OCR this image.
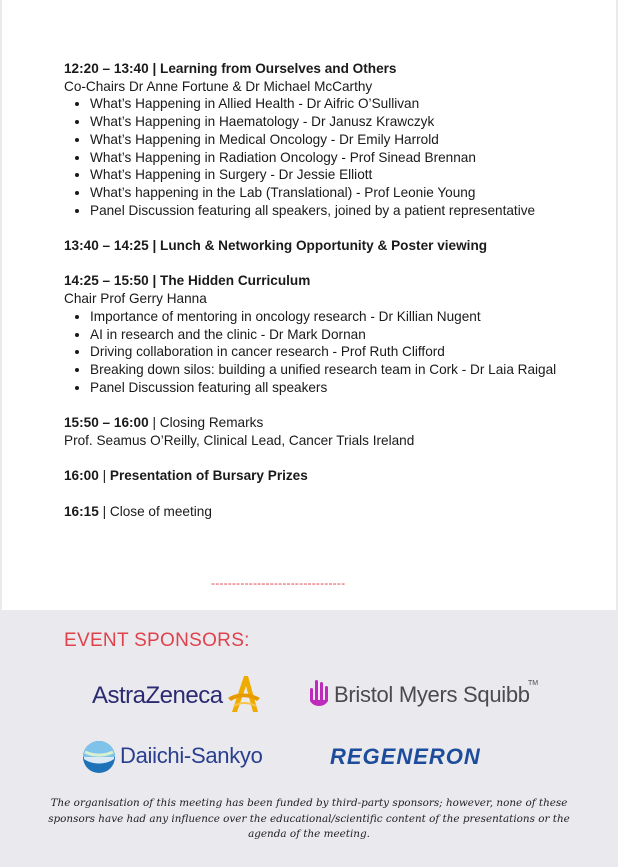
12:20 – 13:40 | Learning from Ourselves and Others
Co-Chairs Dr Anne Fortune & Dr Michael McCarthy
• What’s Happening in Allied Health - Dr Aifric O’Sullivan
• What’s Happening in Haematology - Dr Janusz Krawczyk
• What’s Happening in Medical Oncology - Dr Emily Harrold
• What’s Happening in Radiation Oncology - Prof Sinead Brennan
• What’s Happening in Surgery - Dr Jessie Elliott
• What’s happening in the Lab (Translational) - Prof Leonie Young
• Panel Discussion featuring all speakers, joined by a patient representative
13:40 – 14:25 | Lunch & Networking Opportunity & Poster viewing
14:25 – 15:50 | The Hidden Curriculum
Chair Prof Gerry Hanna
• Importance of mentoring in oncology research - Dr Killian Nugent
• AI in research and the clinic - Dr Mark Dornan
• Driving collaboration in cancer research - Prof Ruth Clifford
• Breaking down silos: building a unified research team in Cork - Dr Laia Raigal
• Panel Discussion featuring all speakers
15:50 – 16:00 | Closing Remarks
Prof. Seamus O’Reilly, Clinical Lead, Cancer Trials Ireland
16:00 | Presentation of Bursary Prizes
16:15 | Close of meeting
--------------------------------
EVENT SPONSORS:
AstraZeneca	Bristol Myers Squibb
TM
Daiichi-Sankyo	REGENERON
The organisation of this meeting has been funded by third-party sponsors; however, none of these sponsors have had any influence over the educational/scientific content of the presentations or the agenda of the meeting.
